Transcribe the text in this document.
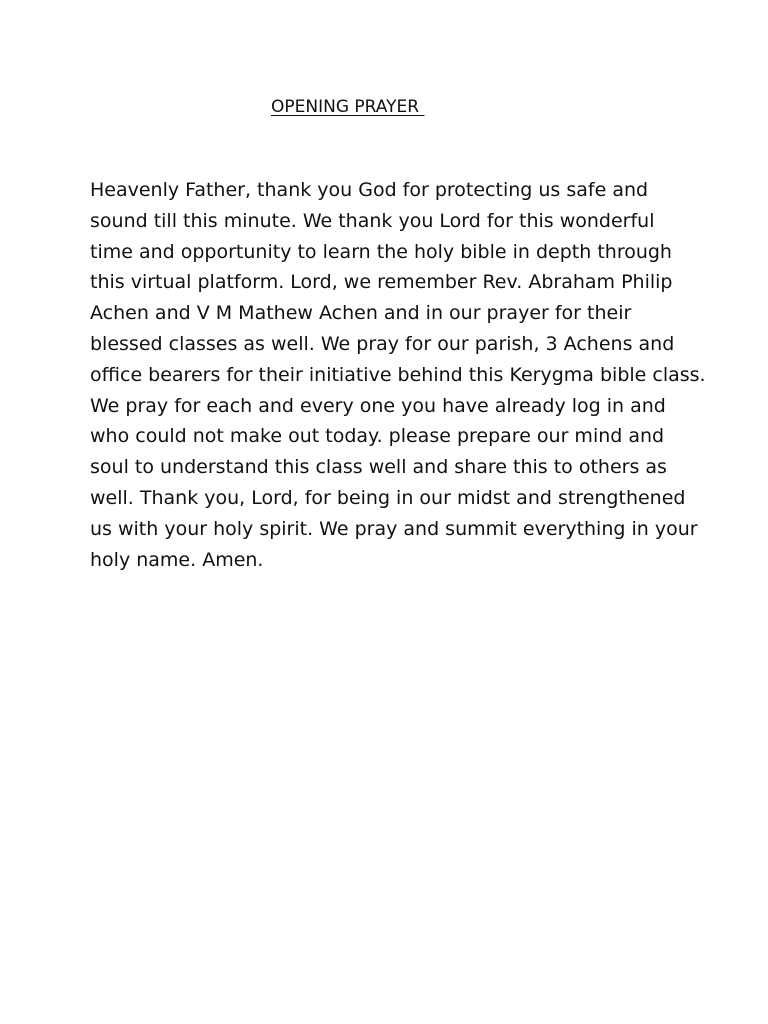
OPENING PRAYER
Heavenly Father, thank you God for protecting us safe and
sound till this minute. We thank you Lord for this wonderful
time and opportunity to learn the holy bible in depth through
this virtual platform. Lord, we remember Rev. Abraham Philip
Achen and V M Mathew Achen and in our prayer for their
blessed classes as well. We pray for our parish, 3 Achens and
office bearers for their initiative behind this Kerygma bible class.
We pray for each and every one you have already log in and
who could not make out today. please prepare our mind and
soul to understand this class well and share this to others as
well. Thank you, Lord, for being in our midst and strengthened
us with your holy spirit. We pray and summit everything in your
holy name. Amen.
